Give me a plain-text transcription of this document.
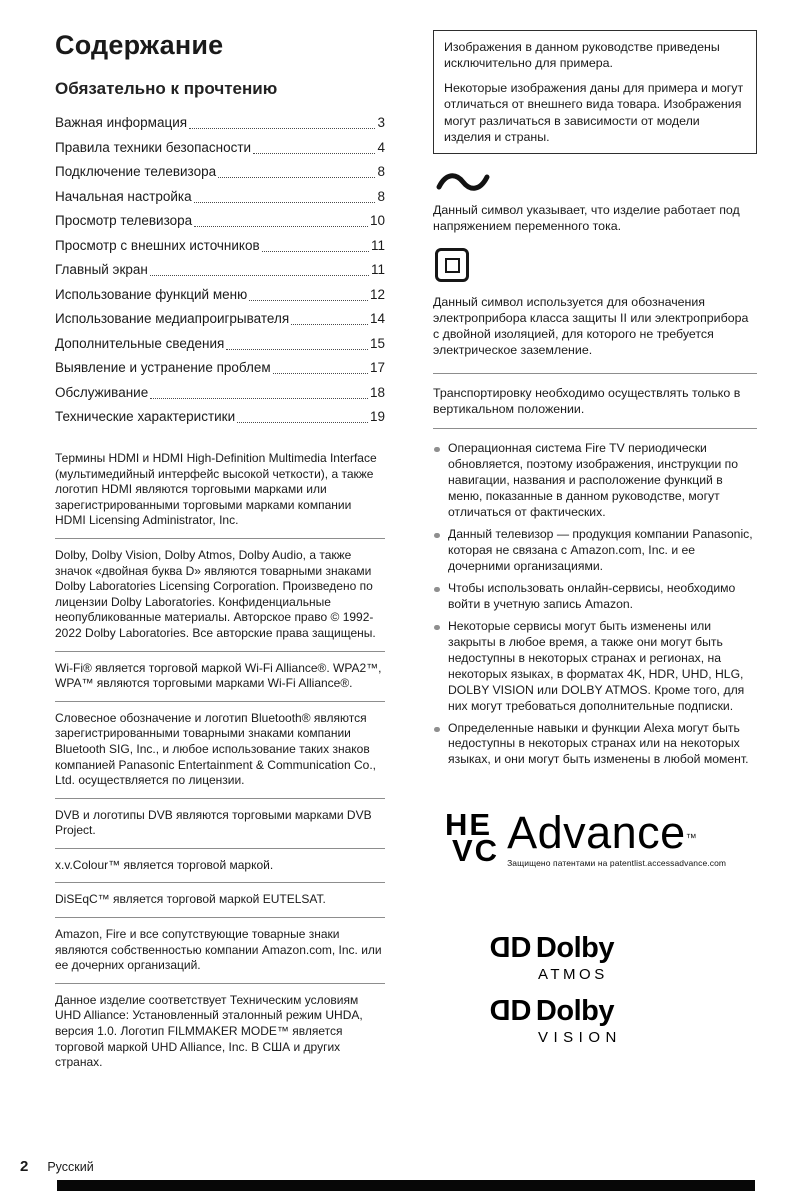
Содержание
Обязательно к прочтению
Важная информация	3
Правила техники безопасности	4
Подключение телевизора	8
Начальная настройка	8
Просмотр телевизора	10
Просмотр с внешних источников	11
Главный экран	11
Использование функций меню	12
Использование медиапроигрывателя	14
Дополнительные сведения	15
Выявление и устранение проблем	17
Обслуживание	18
Технические характеристики	19

Термины HDMI и HDMI High-Definition Multimedia Interface (мультимедийный интерфейс высокой четкости), а также логотип HDMI являются торговыми марками или зарегистрированными торговыми марками компании HDMI Licensing Administrator, Inc.

Dolby, Dolby Vision, Dolby Atmos, Dolby Audio, а также значок «двойная буква D» являются товарными знаками Dolby Laboratories Licensing Corporation. Произведено по лицензии Dolby Laboratories. Конфиденциальные неопубликованные материалы. Авторское право © 1992-2022 Dolby Laboratories. Все авторские права защищены.

Wi-Fi® является торговой маркой Wi-Fi Alliance®. WPA2™, WPA™ являются торговыми марками Wi-Fi Alliance®.

Словесное обозначение и логотип Bluetooth® являются зарегистрированными товарными знаками компании Bluetooth SIG, Inc., и любое использование таких знаков компанией Panasonic Entertainment & Communication Co., Ltd. осуществляется по лицензии.

DVB и логотипы DVB являются торговыми марками DVB Project.

x.v.Colour™ является торговой маркой.

DiSEqC™ является торговой маркой EUTELSAT.

Amazon, Fire и все сопутствующие товарные знаки являются собственностью компании Amazon.com, Inc. или ее дочерних организаций.

Данное изделие соответствует Техническим условиям UHD Alliance: Установленный эталонный режим UHDA, версия 1.0. Логотип FILMMAKER MODE™ является торговой маркой UHD Alliance, Inc. В США и других странах.

Изображения в данном руководстве приведены исключительно для примера.

Некоторые изображения даны для примера и могут отличаться от внешнего вида товара. Изображения могут различаться в зависимости от модели изделия и страны.

Данный символ указывает, что изделие работает под напряжением переменного тока.

Данный символ используется для обозначения электроприбора класса защиты II или электроприбора с двойной изоляцией, для которого не требуется электрическое заземление.

Транспортировку необходимо осуществлять только в вертикальном положении.

Операционная система Fire TV периодически обновляется, поэтому изображения, инструкции по навигации, названия и расположение функций в меню, показанные в данном руководстве, могут отличаться от фактических.
Данный телевизор — продукция компании Panasonic, которая не связана с Amazon.com, Inc. и ее дочерними организациями.
Чтобы использовать онлайн-сервисы, необходимо войти в учетную запись Amazon.
Некоторые сервисы могут быть изменены или закрыты в любое время, а также они могут быть недоступны в некоторых странах и регионах, на некоторых языках, в форматах 4K, HDR, UHD, HLG, DOLBY VISION или DOLBY ATMOS. Кроме того, для них могут требоваться дополнительные подписки.
Определенные навыки и функции Alexa могут быть недоступны в некоторых странах или на некоторых языках, и они могут быть изменены в любой момент.
HE
VC Advance™
Защищено патентами на patentlist.accessadvance.com
D D Dolby
ATMOS
D D Dolby
VISION
2 Русский
